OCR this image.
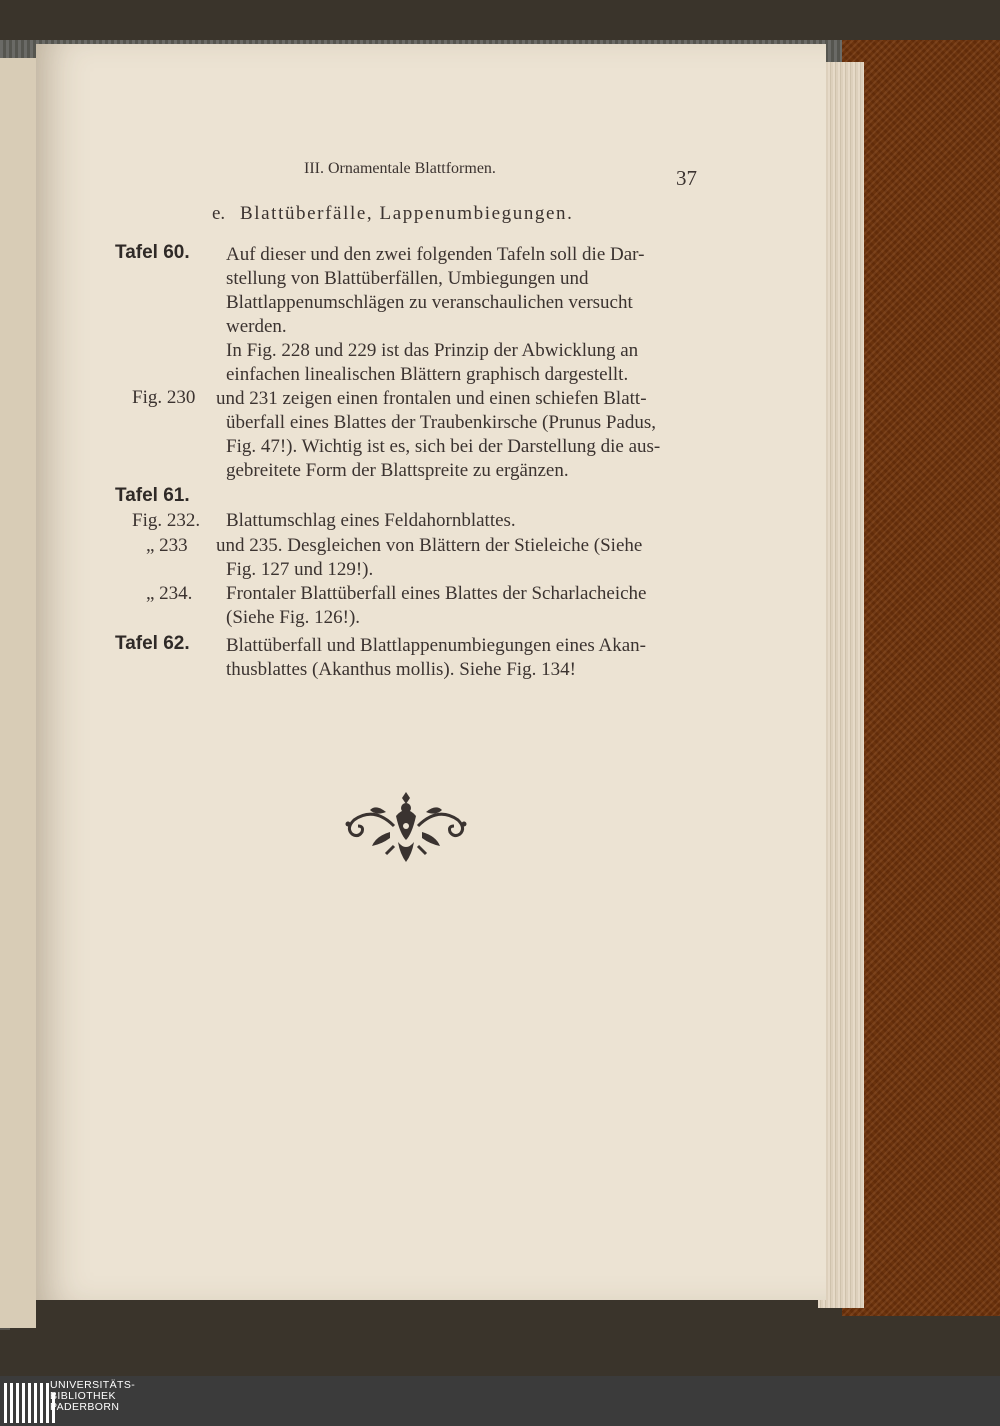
III. Ornamentale Blattformen.	37
e. Blattüberfälle, Lappenumbiegungen.
Tafel 60.
Fig. 230
Tafel 61.
Fig. 232.
„ 233
„ 234.
Tafel 62.
Auf dieser und den zwei folgenden Tafeln soll die Dar-
stellung von Blattüberfällen, Umbiegungen und
Blattlappenumschlägen zu veranschaulichen versucht
werden.
In Fig. 228 und 229 ist das Prinzip der Abwicklung an
einfachen linealischen Blättern graphisch dargestellt.
und 231 zeigen einen frontalen und einen schiefen Blatt-
überfall eines Blattes der Traubenkirsche (Prunus Padus,
Fig. 47!). Wichtig ist es, sich bei der Darstellung die aus-
gebreitete Form der Blattspreite zu ergänzen.
Blattumschlag eines Feldahornblattes.
und 235. Desgleichen von Blättern der Stieleiche (Siehe
Fig. 127 und 129!).
Frontaler Blattüberfall eines Blattes der Scharlacheiche
(Siehe Fig. 126!).
Blattüberfall und Blattlappenumbiegungen eines Akan-
thusblattes (Akanthus mollis). Siehe Fig. 134!
UNIVERSITÄTS-
BIBLIOTHEK
PADERBORN
